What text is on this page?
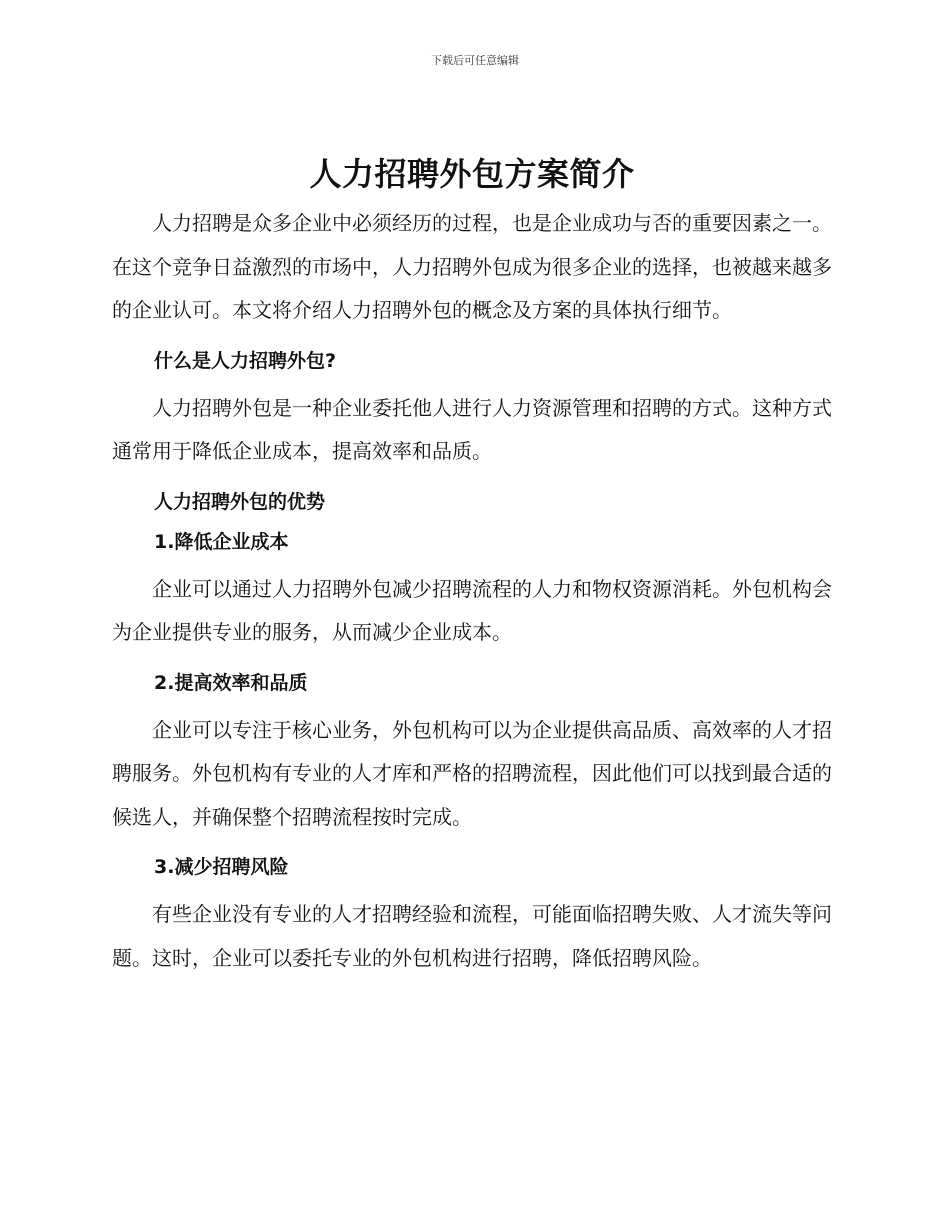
下载后可任意编辑
人力招聘外包方案简介

人力招聘是众多企业中必须经历的过程，也是企业成功与否的重要因素之一。在这个竞争日益激烈的市场中，人力招聘外包成为很多企业的选择，也被越来越多的企业认可。本文将介绍人力招聘外包的概念及方案的具体执行细节。

什么是人力招聘外包?

人力招聘外包是一种企业委托他人进行人力资源管理和招聘的方式。这种方式通常用于降低企业成本，提高效率和品质。

人力招聘外包的优势
1.降低企业成本

企业可以通过人力招聘外包减少招聘流程的人力和物权资源消耗。外包机构会为企业提供专业的服务，从而减少企业成本。

2.提高效率和品质

企业可以专注于核心业务，外包机构可以为企业提供高品质、高效率的人才招聘服务。外包机构有专业的人才库和严格的招聘流程，因此他们可以找到最合适的候选人，并确保整个招聘流程按时完成。

3.减少招聘风险

有些企业没有专业的人才招聘经验和流程，可能面临招聘失败、人才流失等问题。这时，企业可以委托专业的外包机构进行招聘，降低招聘风险。
